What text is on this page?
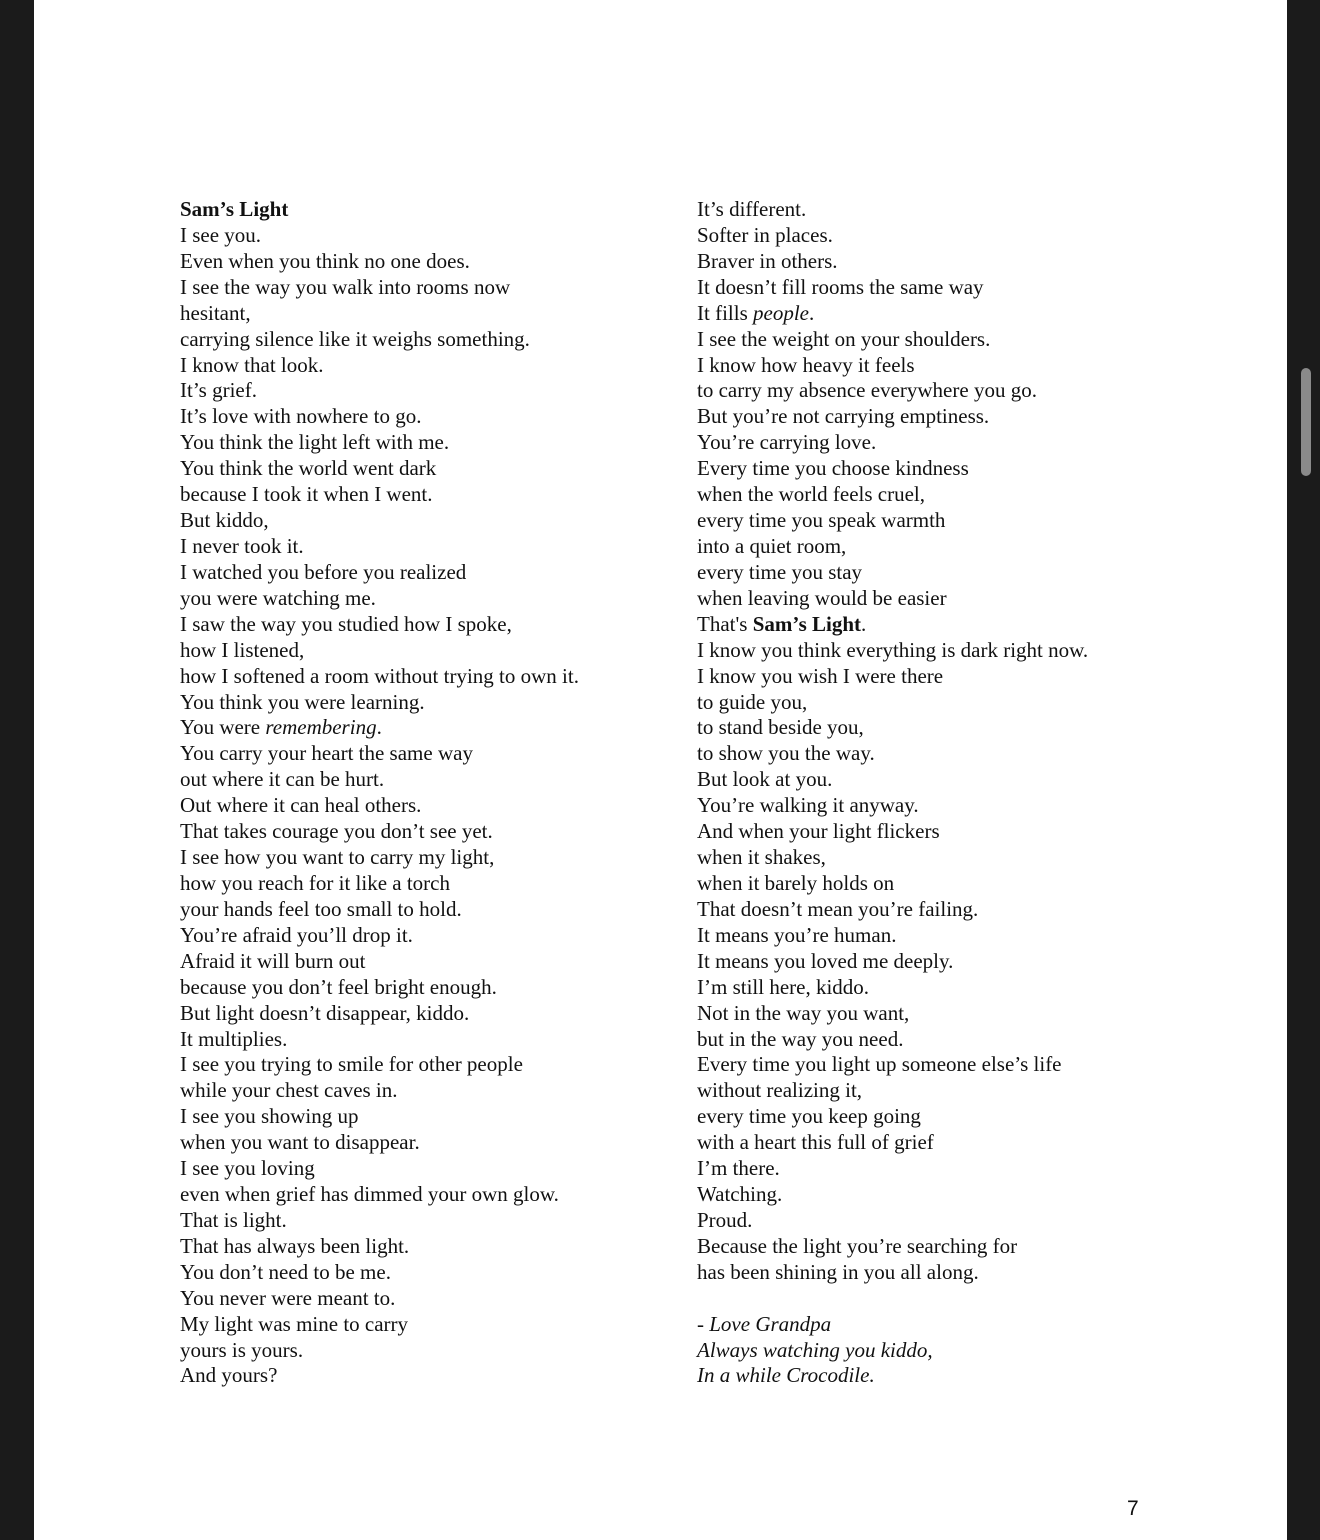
Sam’s Light
I see you.
Even when you think no one does.
I see the way you walk into rooms now
hesitant,
carrying silence like it weighs something.
I know that look.
It’s grief.
It’s love with nowhere to go.
You think the light left with me.
You think the world went dark
because I took it when I went.
But kiddo,
I never took it.
I watched you before you realized
you were watching me.
I saw the way you studied how I spoke,
how I listened,
how I softened a room without trying to own it.
You think you were learning.
You were remembering.
You carry your heart the same way
out where it can be hurt.
Out where it can heal others.
That takes courage you don’t see yet.
I see how you want to carry my light,
how you reach for it like a torch
your hands feel too small to hold.
You’re afraid you’ll drop it.
Afraid it will burn out
because you don’t feel bright enough.
But light doesn’t disappear, kiddo.
It multiplies.
I see you trying to smile for other people
while your chest caves in.
I see you showing up
when you want to disappear.
I see you loving
even when grief has dimmed your own glow.
That is light.
That has always been light.
You don’t need to be me.
You never were meant to.
My light was mine to carry
yours is yours.
And yours?
It’s different.
Softer in places.
Braver in others.
It doesn’t fill rooms the same way
It fills people.
I see the weight on your shoulders.
I know how heavy it feels
to carry my absence everywhere you go.
But you’re not carrying emptiness.
You’re carrying love.
Every time you choose kindness
when the world feels cruel,
every time you speak warmth
into a quiet room,
every time you stay
when leaving would be easier
That's Sam’s Light.
I know you think everything is dark right now.
I know you wish I were there
to guide you,
to stand beside you,
to show you the way.
But look at you.
You’re walking it anyway.
And when your light flickers
when it shakes,
when it barely holds on
That doesn’t mean you’re failing.
It means you’re human.
It means you loved me deeply.
I’m still here, kiddo.
Not in the way you want,
but in the way you need.
Every time you light up someone else’s life
without realizing it,
every time you keep going
with a heart this full of grief
I’m there.
Watching.
Proud.
Because the light you’re searching for
has been shining in you all along.
- Love Grandpa
Always watching you kiddo,
In a while Crocodile.
7
